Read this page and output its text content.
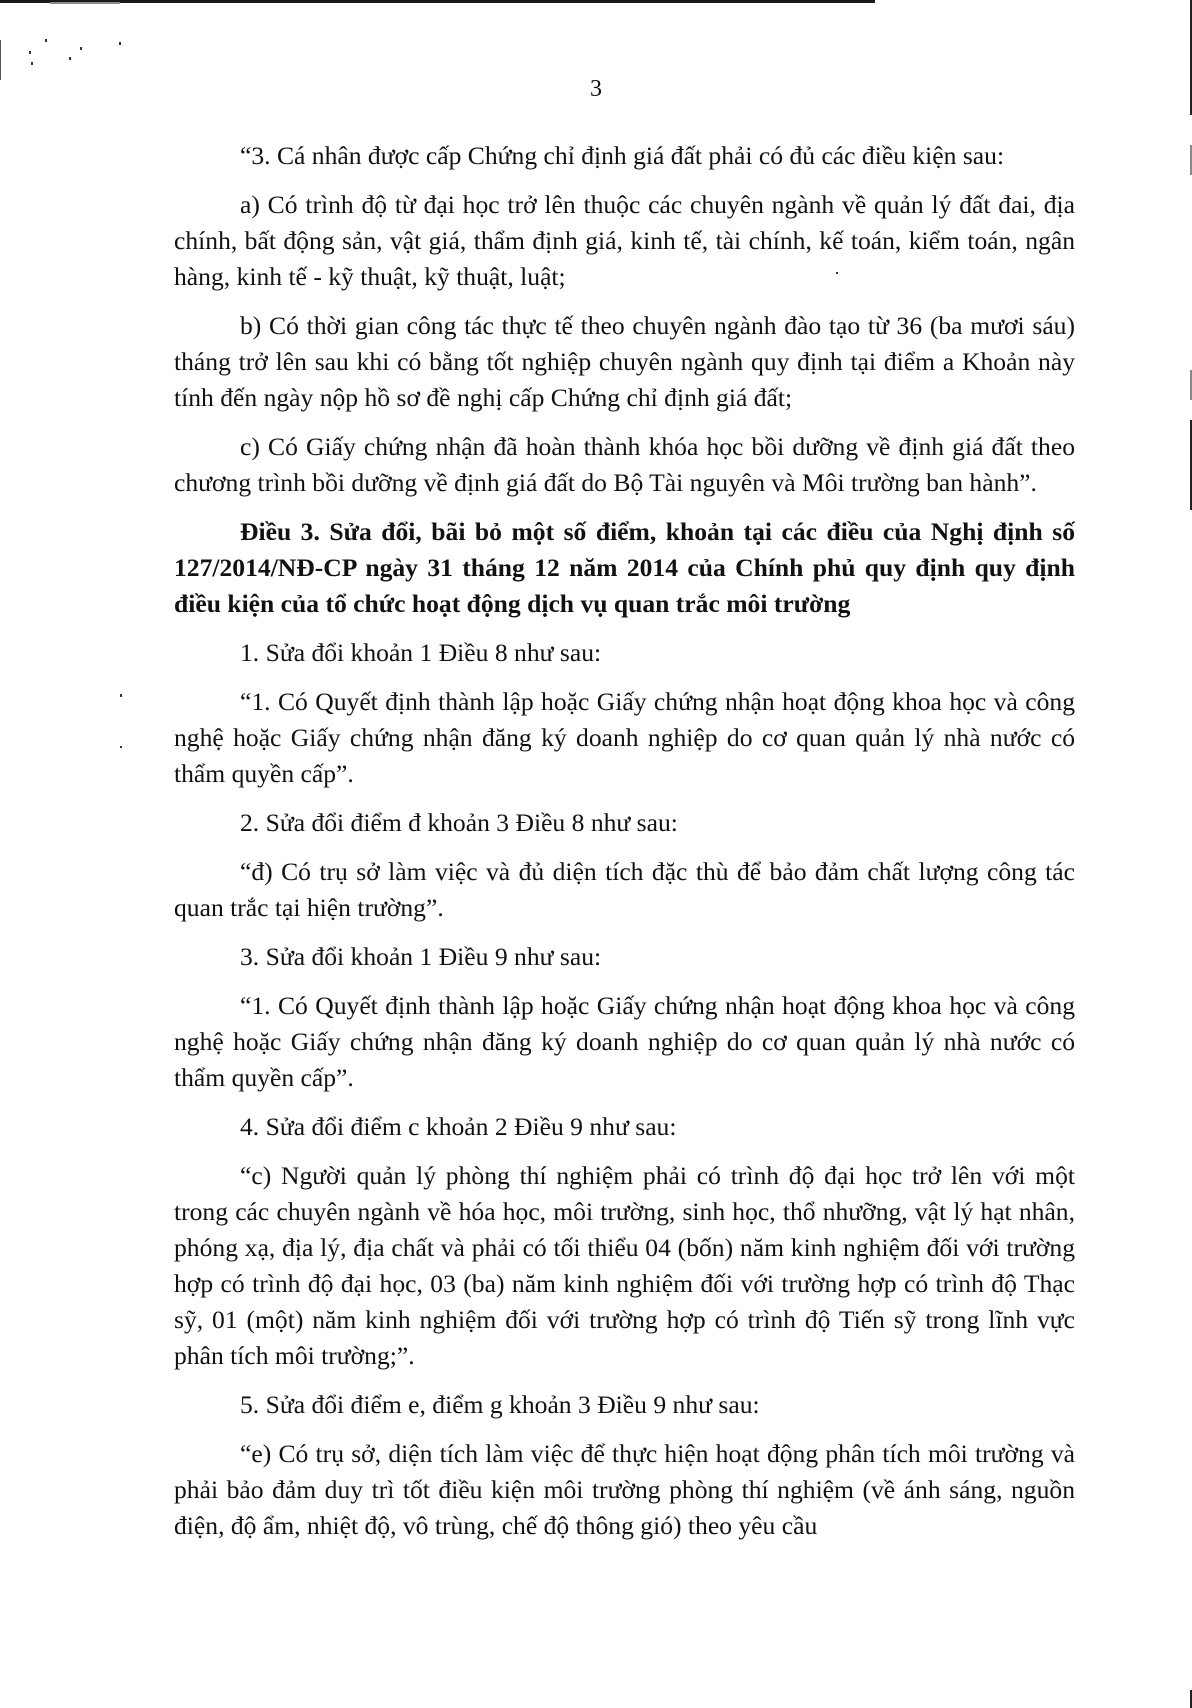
3

“3. Cá nhân được cấp Chứng chỉ định giá đất phải có đủ các điều kiện sau:

a) Có trình độ từ đại học trở lên thuộc các chuyên ngành về quản lý đất đai, địa chính, bất động sản, vật giá, thẩm định giá, kinh tế, tài chính, kế toán, kiểm toán, ngân hàng, kinh tế - kỹ thuật, kỹ thuật, luật;

b) Có thời gian công tác thực tế theo chuyên ngành đào tạo từ 36 (ba mươi sáu) tháng trở lên sau khi có bằng tốt nghiệp chuyên ngành quy định tại điểm a Khoản này tính đến ngày nộp hồ sơ đề nghị cấp Chứng chỉ định giá đất;

c) Có Giấy chứng nhận đã hoàn thành khóa học bồi dưỡng về định giá đất theo chương trình bồi dưỡng về định giá đất do Bộ Tài nguyên và Môi trường ban hành”.

Điều 3. Sửa đổi, bãi bỏ một số điểm, khoản tại các điều của Nghị định số 127/2014/NĐ-CP ngày 31 tháng 12 năm 2014 của Chính phủ quy định quy định điều kiện của tổ chức hoạt động dịch vụ quan trắc môi trường

1. Sửa đổi khoản 1 Điều 8 như sau:

“1. Có Quyết định thành lập hoặc Giấy chứng nhận hoạt động khoa học và công nghệ hoặc Giấy chứng nhận đăng ký doanh nghiệp do cơ quan quản lý nhà nước có thẩm quyền cấp”.

2. Sửa đổi điểm đ khoản 3 Điều 8 như sau:

“đ) Có trụ sở làm việc và đủ diện tích đặc thù để bảo đảm chất lượng công tác quan trắc tại hiện trường”.

3. Sửa đổi khoản 1 Điều 9 như sau:

“1. Có Quyết định thành lập hoặc Giấy chứng nhận hoạt động khoa học và công nghệ hoặc Giấy chứng nhận đăng ký doanh nghiệp do cơ quan quản lý nhà nước có thẩm quyền cấp”.

4. Sửa đổi điểm c khoản 2 Điều 9 như sau:

“c) Người quản lý phòng thí nghiệm phải có trình độ đại học trở lên với một trong các chuyên ngành về hóa học, môi trường, sinh học, thổ nhưỡng, vật lý hạt nhân, phóng xạ, địa lý, địa chất và phải có tối thiểu 04 (bốn) năm kinh nghiệm đối với trường hợp có trình độ đại học, 03 (ba) năm kinh nghiệm đối với trường hợp có trình độ Thạc sỹ, 01 (một) năm kinh nghiệm đối với trường hợp có trình độ Tiến sỹ trong lĩnh vực phân tích môi trường;”.

5. Sửa đổi điểm e, điểm g khoản 3 Điều 9 như sau:

“e) Có trụ sở, diện tích làm việc để thực hiện hoạt động phân tích môi trường và phải bảo đảm duy trì tốt điều kiện môi trường phòng thí nghiệm (về ánh sáng, nguồn điện, độ ẩm, nhiệt độ, vô trùng, chế độ thông gió) theo yêu cầu
